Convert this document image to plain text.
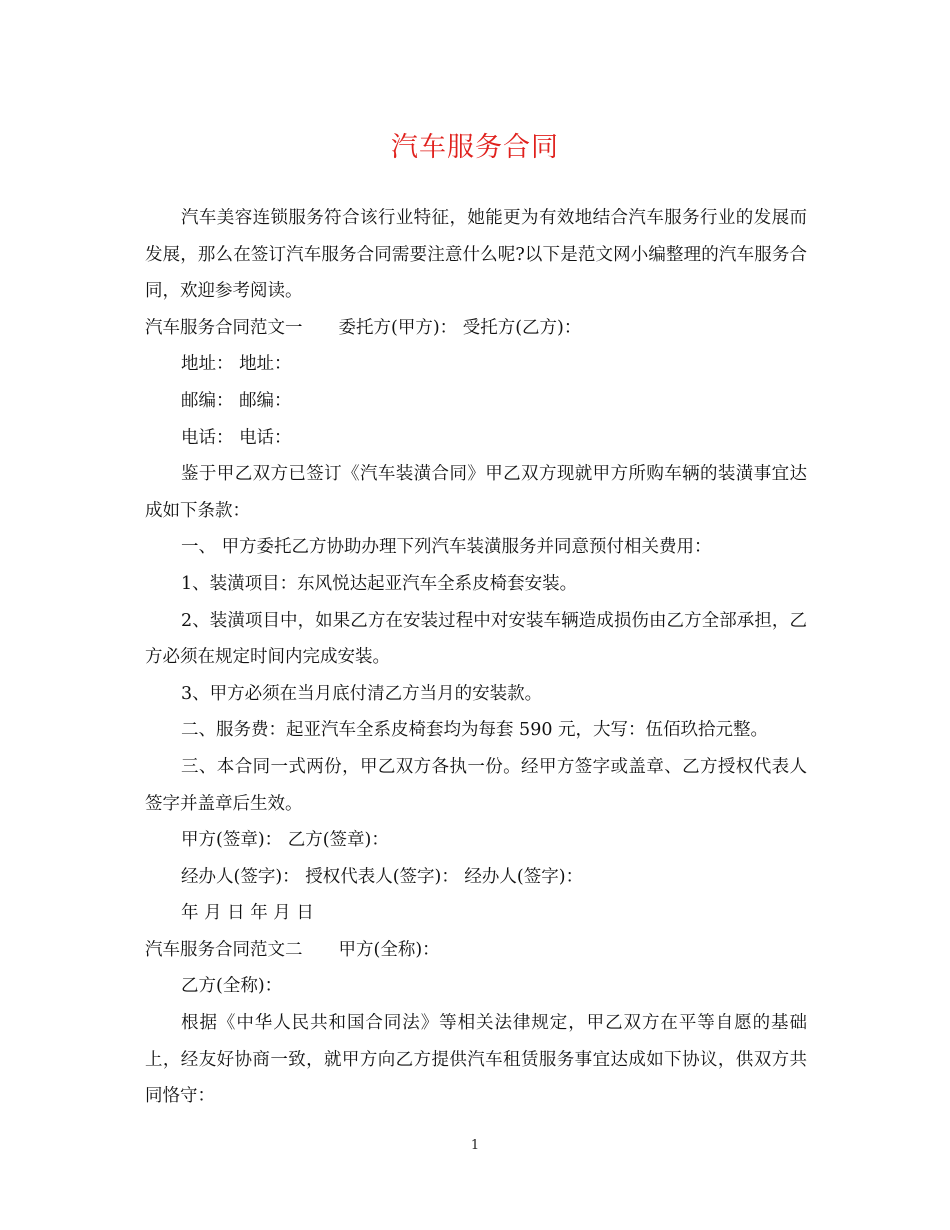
汽车服务合同

汽车美容连锁服务符合该行业特征，她能更为有效地结合汽车服务行业的发展而发展，那么在签订汽车服务合同需要注意什么呢?以下是范文网小编整理的汽车服务合同，欢迎参考阅读。

汽车服务合同范文一 委托方(甲方)： 受托方(乙方)：

地址： 地址：

邮编： 邮编：

电话： 电话：

鉴于甲乙双方已签订《汽车装潢合同》甲乙双方现就甲方所购车辆的装潢事宜达成如下条款：

一、 甲方委托乙方协助办理下列汽车装潢服务并同意预付相关费用：

1、装潢项目：东风悦达起亚汽车全系皮椅套安装。

2、装潢项目中，如果乙方在安装过程中对安装车辆造成损伤由乙方全部承担，乙方必须在规定时间内完成安装。

3、甲方必须在当月底付清乙方当月的安装款。

二、服务费：起亚汽车全系皮椅套均为每套 590 元，大写：伍佰玖拾元整。

三、本合同一式两份，甲乙双方各执一份。经甲方签字或盖章、乙方授权代表人签字并盖章后生效。

甲方(签章)： 乙方(签章)：

经办人(签字)： 授权代表人(签字)： 经办人(签字)：

年 月 日 年 月 日

汽车服务合同范文二 甲方(全称)：

乙方(全称)：

根据《中华人民共和国合同法》等相关法律规定，甲乙双方在平等自愿的基础上，经友好协商一致，就甲方向乙方提供汽车租赁服务事宜达成如下协议，供双方共同恪守：

1
